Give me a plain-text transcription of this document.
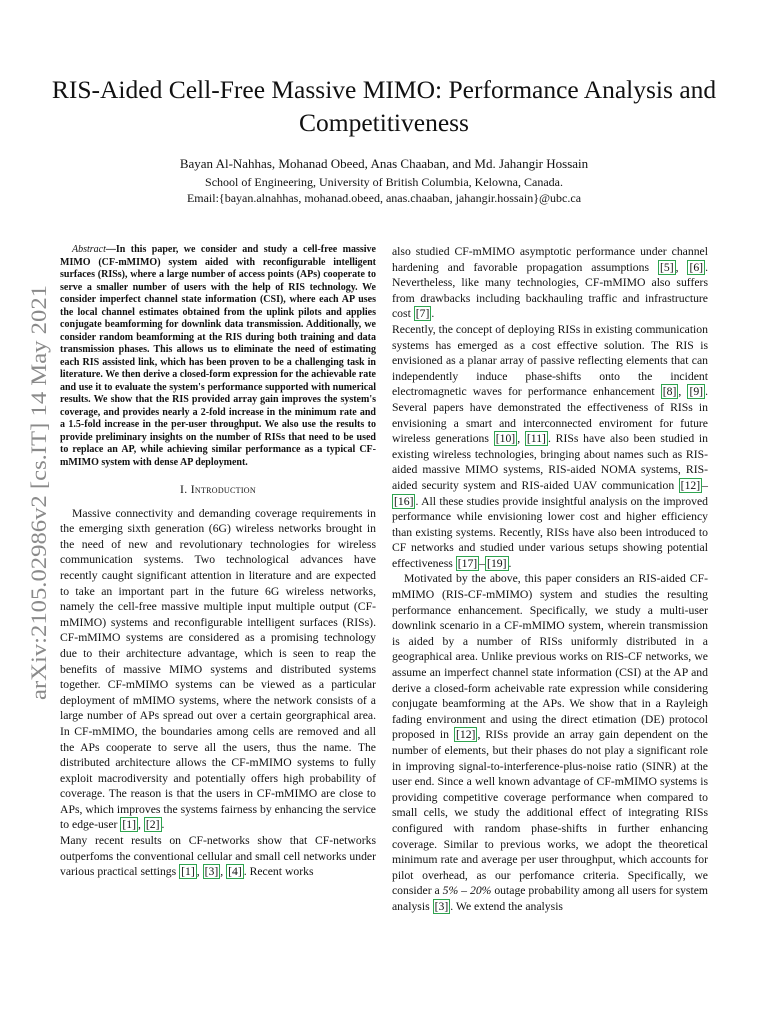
arXiv:2105.02986v2 [cs.IT] 14 May 2021
RIS-Aided Cell-Free Massive MIMO: Performance Analysis and Competitiveness
Bayan Al-Nahhas, Mohanad Obeed, Anas Chaaban, and Md. Jahangir Hossain
School of Engineering, University of British Columbia, Kelowna, Canada.
Email:{bayan.alnahhas, mohanad.obeed, anas.chaaban, jahangir.hossain}@ubc.ca

Abstract—In this paper, we consider and study a cell-free massive MIMO (CF-mMIMO) system aided with reconfigurable intelligent surfaces (RISs), where a large number of access points (APs) cooperate to serve a smaller number of users with the help of RIS technology. We consider imperfect channel state information (CSI), where each AP uses the local channel estimates obtained from the uplink pilots and applies conjugate beamforming for downlink data transmission. Additionally, we consider random beamforming at the RIS during both training and data transmission phases. This allows us to eliminate the need of estimating each RIS assisted link, which has been proven to be a challenging task in literature. We then derive a closed-form expression for the achievable rate and use it to evaluate the system's performance supported with numerical results. We show that the RIS provided array gain improves the system's coverage, and provides nearly a 2-fold increase in the minimum rate and a 1.5-fold increase in the per-user throughput. We also use the results to provide preliminary insights on the number of RISs that need to be used to replace an AP, while achieving similar performance as a typical CF-mMIMO system with dense AP deployment.

I. Introduction

Massive connectivity and demanding coverage requirements in the emerging sixth generation (6G) wireless networks brought in the need of new and revolutionary technologies for wireless communication systems. Two technological advances have recently caught significant attention in literature and are expected to take an important part in the future 6G wireless networks, namely the cell-free massive multiple input multiple output (CF-mMIMO) systems and reconfigurable intelligent surfaces (RISs). CF-mMIMO systems are considered as a promising technology due to their architecture advantage, which is seen to reap the benefits of massive MIMO systems and distributed systems together. CF-mMIMO systems can be viewed as a particular deployment of mMIMO systems, where the network consists of a large number of APs spread out over a certain georgraphical area. In CF-mMIMO, the boundaries among cells are removed and all the APs cooperate to serve all the users, thus the name. The distributed architecture allows the CF-mMIMO systems to fully exploit macrodiversity and potentially offers high probability of coverage. The reason is that the users in CF-mMIMO are close to APs, which improves the systems fairness by enhancing the service to edge-user [1] , [2] .

Many recent results on CF-networks show that CF-networks outperfoms the conventional cellular and small cell networks under various practical settings [1] , [3] , [4] . Recent works

also studied CF-mMIMO asymptotic performance under channel hardening and favorable propagation assumptions [5] , [6] . Nevertheless, like many technologies, CF-mMIMO also suffers from drawbacks including backhauling traffic and infrastructure cost [7] .

Recently, the concept of deploying RISs in existing communication systems has emerged as a cost effective solution. The RIS is envisioned as a planar array of passive reflecting elements that can independently induce phase-shifts onto the incident electromagnetic waves for performance enhancement [8] , [9] . Several papers have demonstrated the effectiveness of RISs in envisioning a smart and interconnected enviroment for future wireless generations [10] , [11] . RISs have also been studied in existing wireless technologies, bringing about names such as RIS-aided massive MIMO systems, RIS-aided NOMA systems, RIS-aided security system and RIS-aided UAV communication [12] –[16] . All these studies provide insightful analysis on the improved performance while envisioning lower cost and higher efficiency than existing systems. Recently, RISs have also been introduced to CF networks and studied under various setups showing potential effectiveness [17] – [19] .

Motivated by the above, this paper considers an RIS-aided CF-mMIMO (RIS-CF-mMIMO) system and studies the resulting performance enhancement. Specifically, we study a multi-user downlink scenario in a CF-mMIMO system, wherein transmission is aided by a number of RISs uniformly distributed in a geographical area. Unlike previous works on RIS-CF networks, we assume an imperfect channel state information (CSI) at the AP and derive a closed-form acheivable rate expression while considering conjugate beamforming at the APs. We show that in a Rayleigh fading environment and using the direct etimation (DE) protocol proposed in [12] , RISs provide an array gain dependent on the number of elements, but their phases do not play a significant role in improving signal-to-interference-plus-noise ratio (SINR) at the user end. Since a well known advantage of CF-mMIMO systems is providing competitive coverage performance when compared to small cells, we study the additional effect of integrating RISs configured with random phase-shifts in further enhancing coverage. Similar to previous works, we adopt the theoretical minimum rate and average per user throughput, which accounts for pilot overhead, as our perfomance criteria. Specifically, we consider a 5% – 20% outage probability among all users for system analysis [3] . We extend the analysis
